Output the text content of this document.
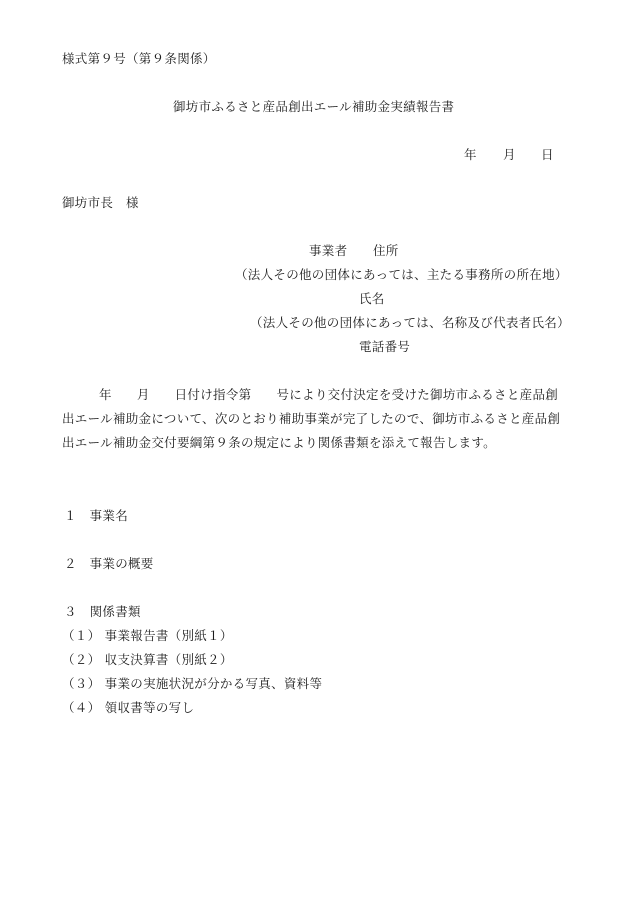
様式第９号（第９条関係）
御坊市ふるさと産品創出エール補助金実績報告書
年 月 日
御坊市長　様
事業者 住所
（法人その他の団体にあっては、主たる事務所の所在地）
氏名
（法人その他の団体にあっては、名称及び代表者氏名）
電話番号
年 月 日付け指令第 号により交付決定を受けた御坊市ふるさと産品創
出エール補助金について、次のとおり補助事業が完了したので、御坊市ふるさと産品創
出エール補助金交付要綱第９条の規定により関係書類を添えて報告します。
１　事業名
２　事業の概要
３　関係書類
（１） 事業報告書（別紙１）
（２） 収支決算書（別紙２）
（３） 事業の実施状況が分かる写真、資料等
（４） 領収書等の写し
